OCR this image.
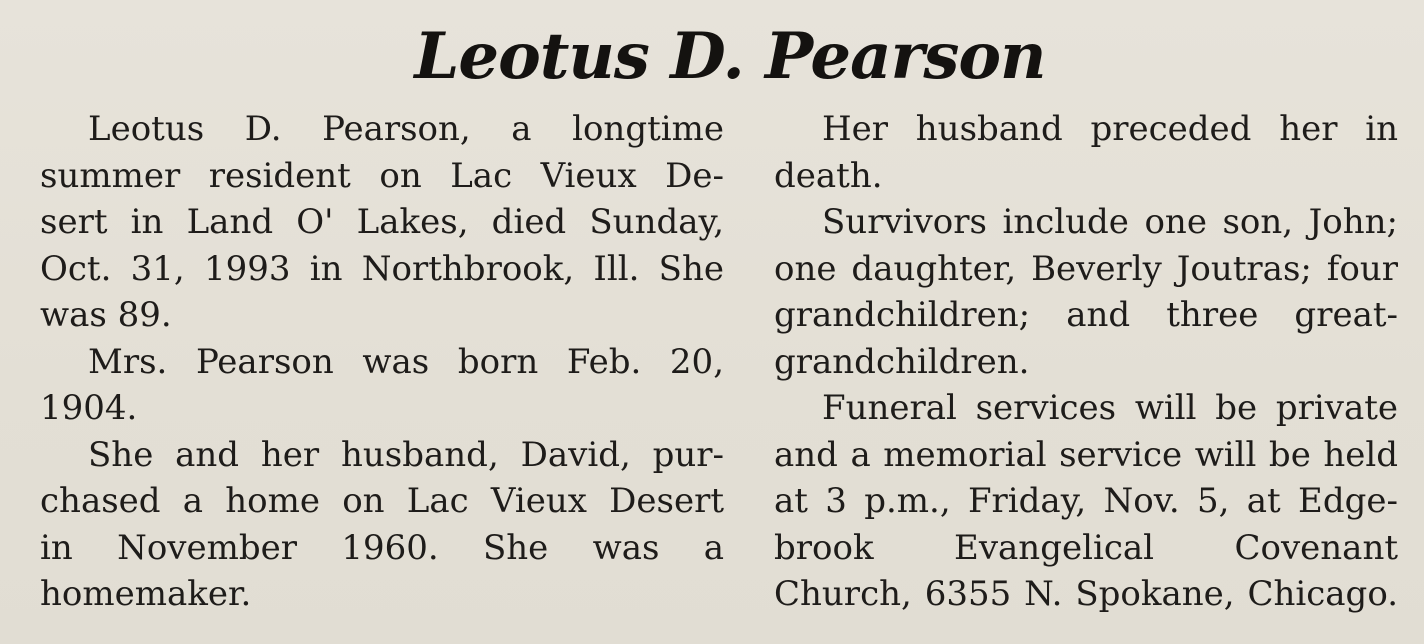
Leotus D. Pearson

Leotus D. Pearson, a longtime
summer resident on Lac Vieux De-
sert in Land O' Lakes, died Sunday,
Oct. 31, 1993 in Northbrook, Ill. She
was 89.

Mrs. Pearson was born Feb. 20,
1904.

She and her husband, David, pur-
chased a home on Lac Vieux Desert
in November 1960. She was a
homemaker.

Her husband preceded her in
death.

Survivors include one son, John;
one daughter, Beverly Joutras; four
grandchildren; and three great-
grandchildren.

Funeral services will be private
and a memorial service will be held
at 3 p.m., Friday, Nov. 5, at Edge-
brook Evangelical Covenant
Church, 6355 N. Spokane, Chicago.
